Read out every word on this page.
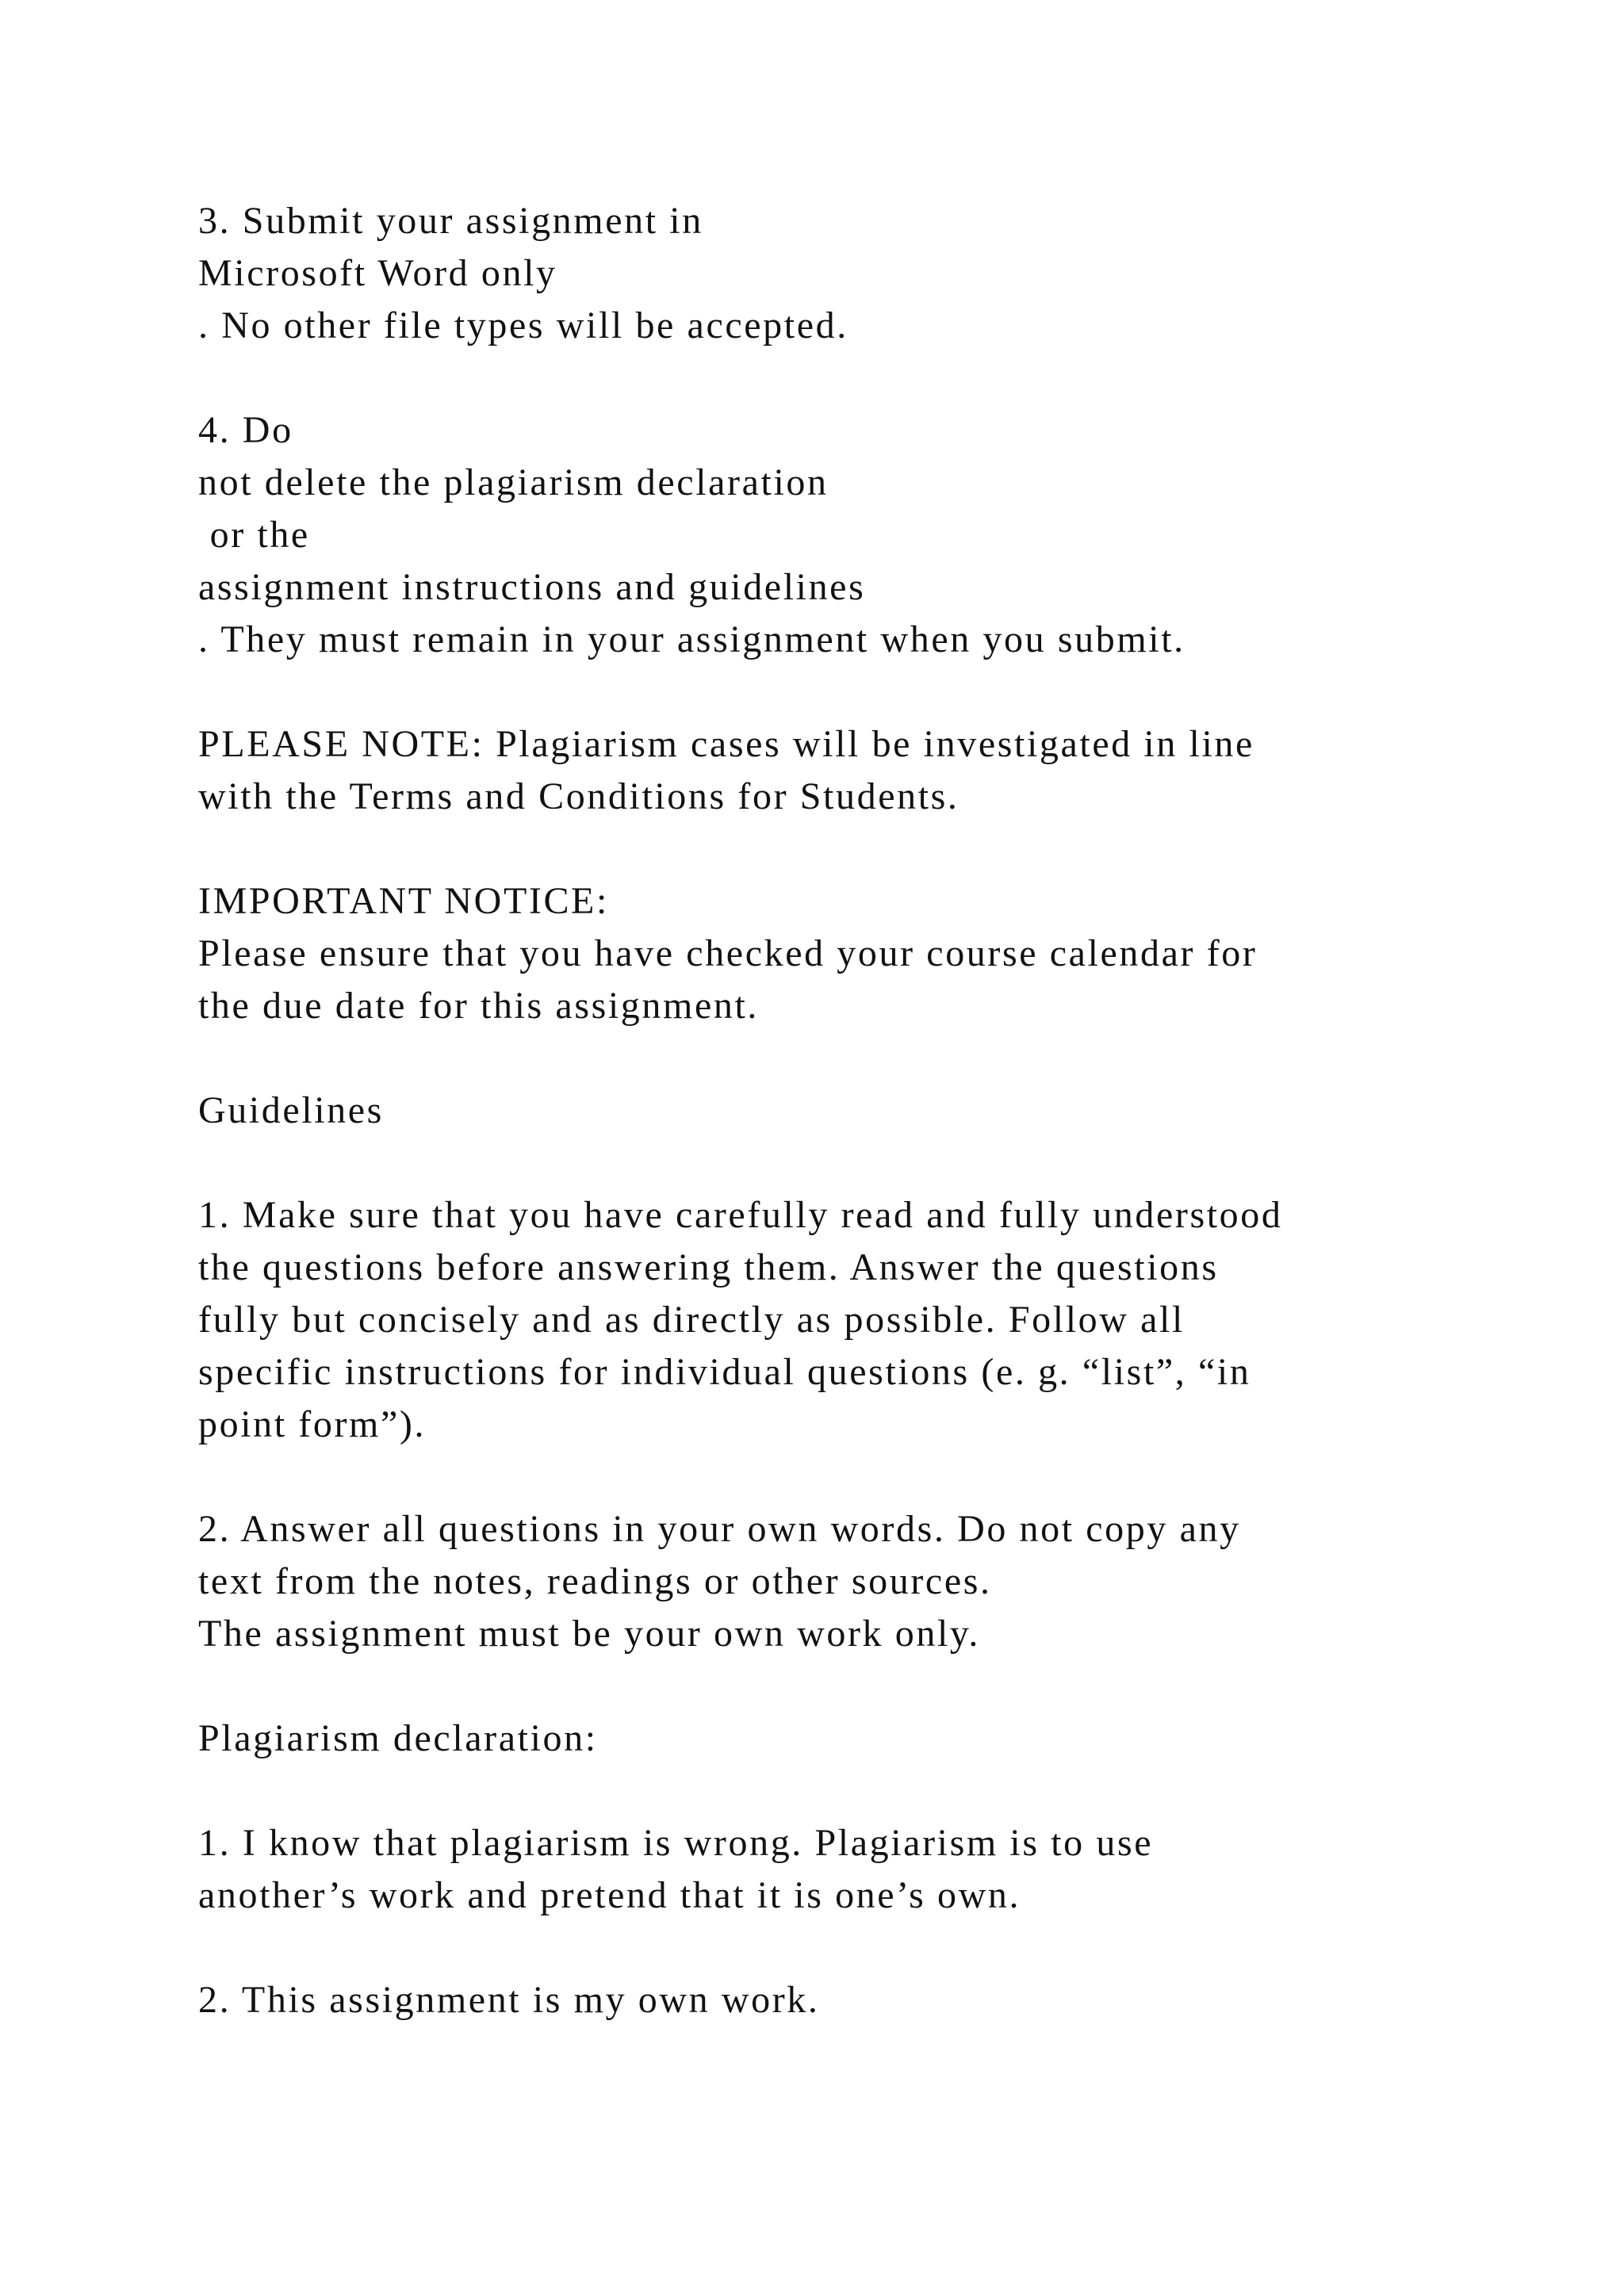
3. Submit your assignment in
Microsoft Word only
. No other file types will be accepted.
4. Do
not delete the plagiarism declaration
or the
assignment instructions and guidelines
. They must remain in your assignment when you submit.
PLEASE NOTE: Plagiarism cases will be investigated in line
with the Terms and Conditions for Students.
IMPORTANT NOTICE:
Please ensure that you have checked your course calendar for
the due date for this assignment.
Guidelines
1. Make sure that you have carefully read and fully understood
the questions before answering them. Answer the questions
fully but concisely and as directly as possible. Follow all
specific instructions for individual questions (e. g. “list”, “in
point form”).
2. Answer all questions in your own words. Do not copy any
text from the notes, readings or other sources.
The assignment must be your own work only.
Plagiarism declaration:
1. I know that plagiarism is wrong. Plagiarism is to use
another’s work and pretend that it is one’s own.
2. This assignment is my own work.
